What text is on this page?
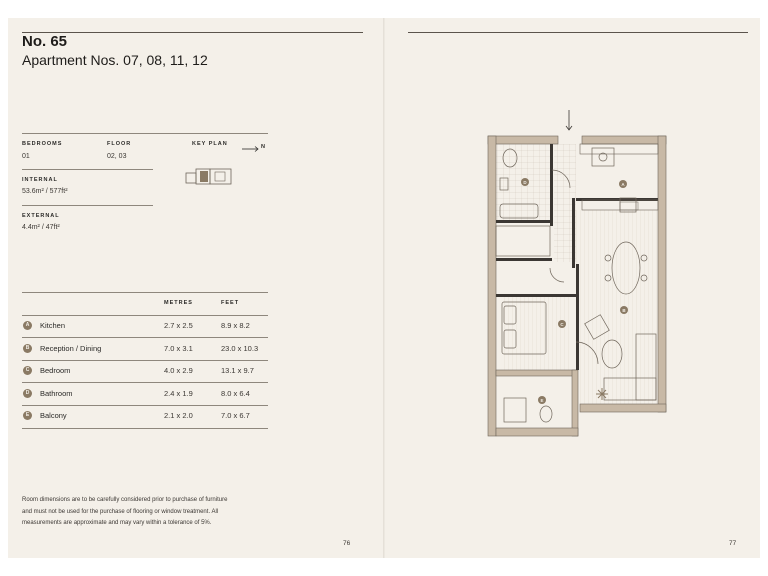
No. 65
Apartment Nos. 07, 08, 11, 12
BEDROOMS	FLOOR	KEY PLAN	N
01	02, 03
INTERNAL
53.6m² / 577ft²
EXTERNAL
4.4m² / 47ft²
METRES	FEET
A	Kitchen	2.7 x 2.5	8.9 x 8.2
B	Reception / Dining	7.0 x 3.1	23.0 x 10.3
C	Bedroom	4.0 x 2.9	13.1 x 9.7
D	Bathroom	2.4 x 1.9	8.0 x 6.4
E	Balcony	2.1 x 2.0	7.0 x 6.7
Room dimensions are to be carefully considered prior to purchase of furniture and must not be used for the purchase of flooring or window treatment. All measurements are approximate and may vary within a tolerance of 5%.
76	77
A
B
C
D
E
